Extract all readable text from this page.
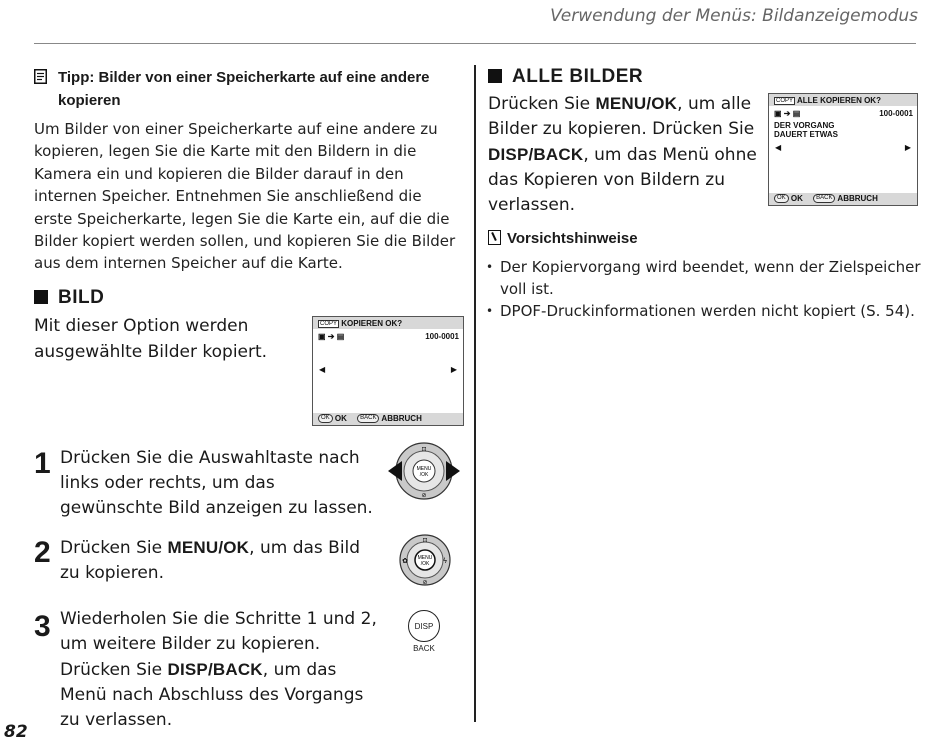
Verwendung der Menüs: Bildanzeigemodus
82
Tipp: Bilder von einer Speicherkarte auf eine andere kopieren
Um Bilder von einer Speicherkarte auf eine andere zu kopieren, legen Sie die Karte mit den Bildern in die Kamera ein und kopieren die Bilder darauf in den internen Speicher. Entnehmen Sie anschließend die erste Speicherkarte, legen Sie die Karte ein, auf die die Bilder kopiert werden sollen, und kopieren Sie die Bilder aus dem internen Speicher auf die Karte.
BILD
Mit dieser Option werden ausgewählte Bilder kopiert.
COPY KOPIEREN OK?
▣ ➔ ▤	100-0001
◀	▶
OK OK BACK ABBRUCH
1 Drücken Sie die Auswahltaste nach links oder rechts, um das gewünschte Bild anzeigen zu lassen.
2 Drücken Sie MENU/OK, um das Bild zu kopieren.
3 Wiederholen Sie die Schritte 1 und 2, um weitere Bilder zu kopieren. Drücken Sie DISP/BACK, um das Menü nach Abschluss des Vorgangs zu verlassen.
MENU
/OK
⊡
⊘
MENU
/OK
⊡
⊘
✿	ϟ
DISP
BACK
ALLE BILDER
Drücken Sie MENU/OK, um alle Bilder zu kopieren. Drücken Sie DISP/BACK, um das Menü ohne das Kopieren von Bildern zu verlassen.
COPY ALLE KOPIEREN OK?
▣ ➔ ▤	100-0001
DER VORGANG
DAUERT ETWAS
◀	▶
OK OK BACK ABBRUCH
Vorsichtshinweise
• Der Kopiervorgang wird beendet, wenn der Zielspeicher voll ist.
• DPOF-Druckinformationen werden nicht kopiert (S. 54).
